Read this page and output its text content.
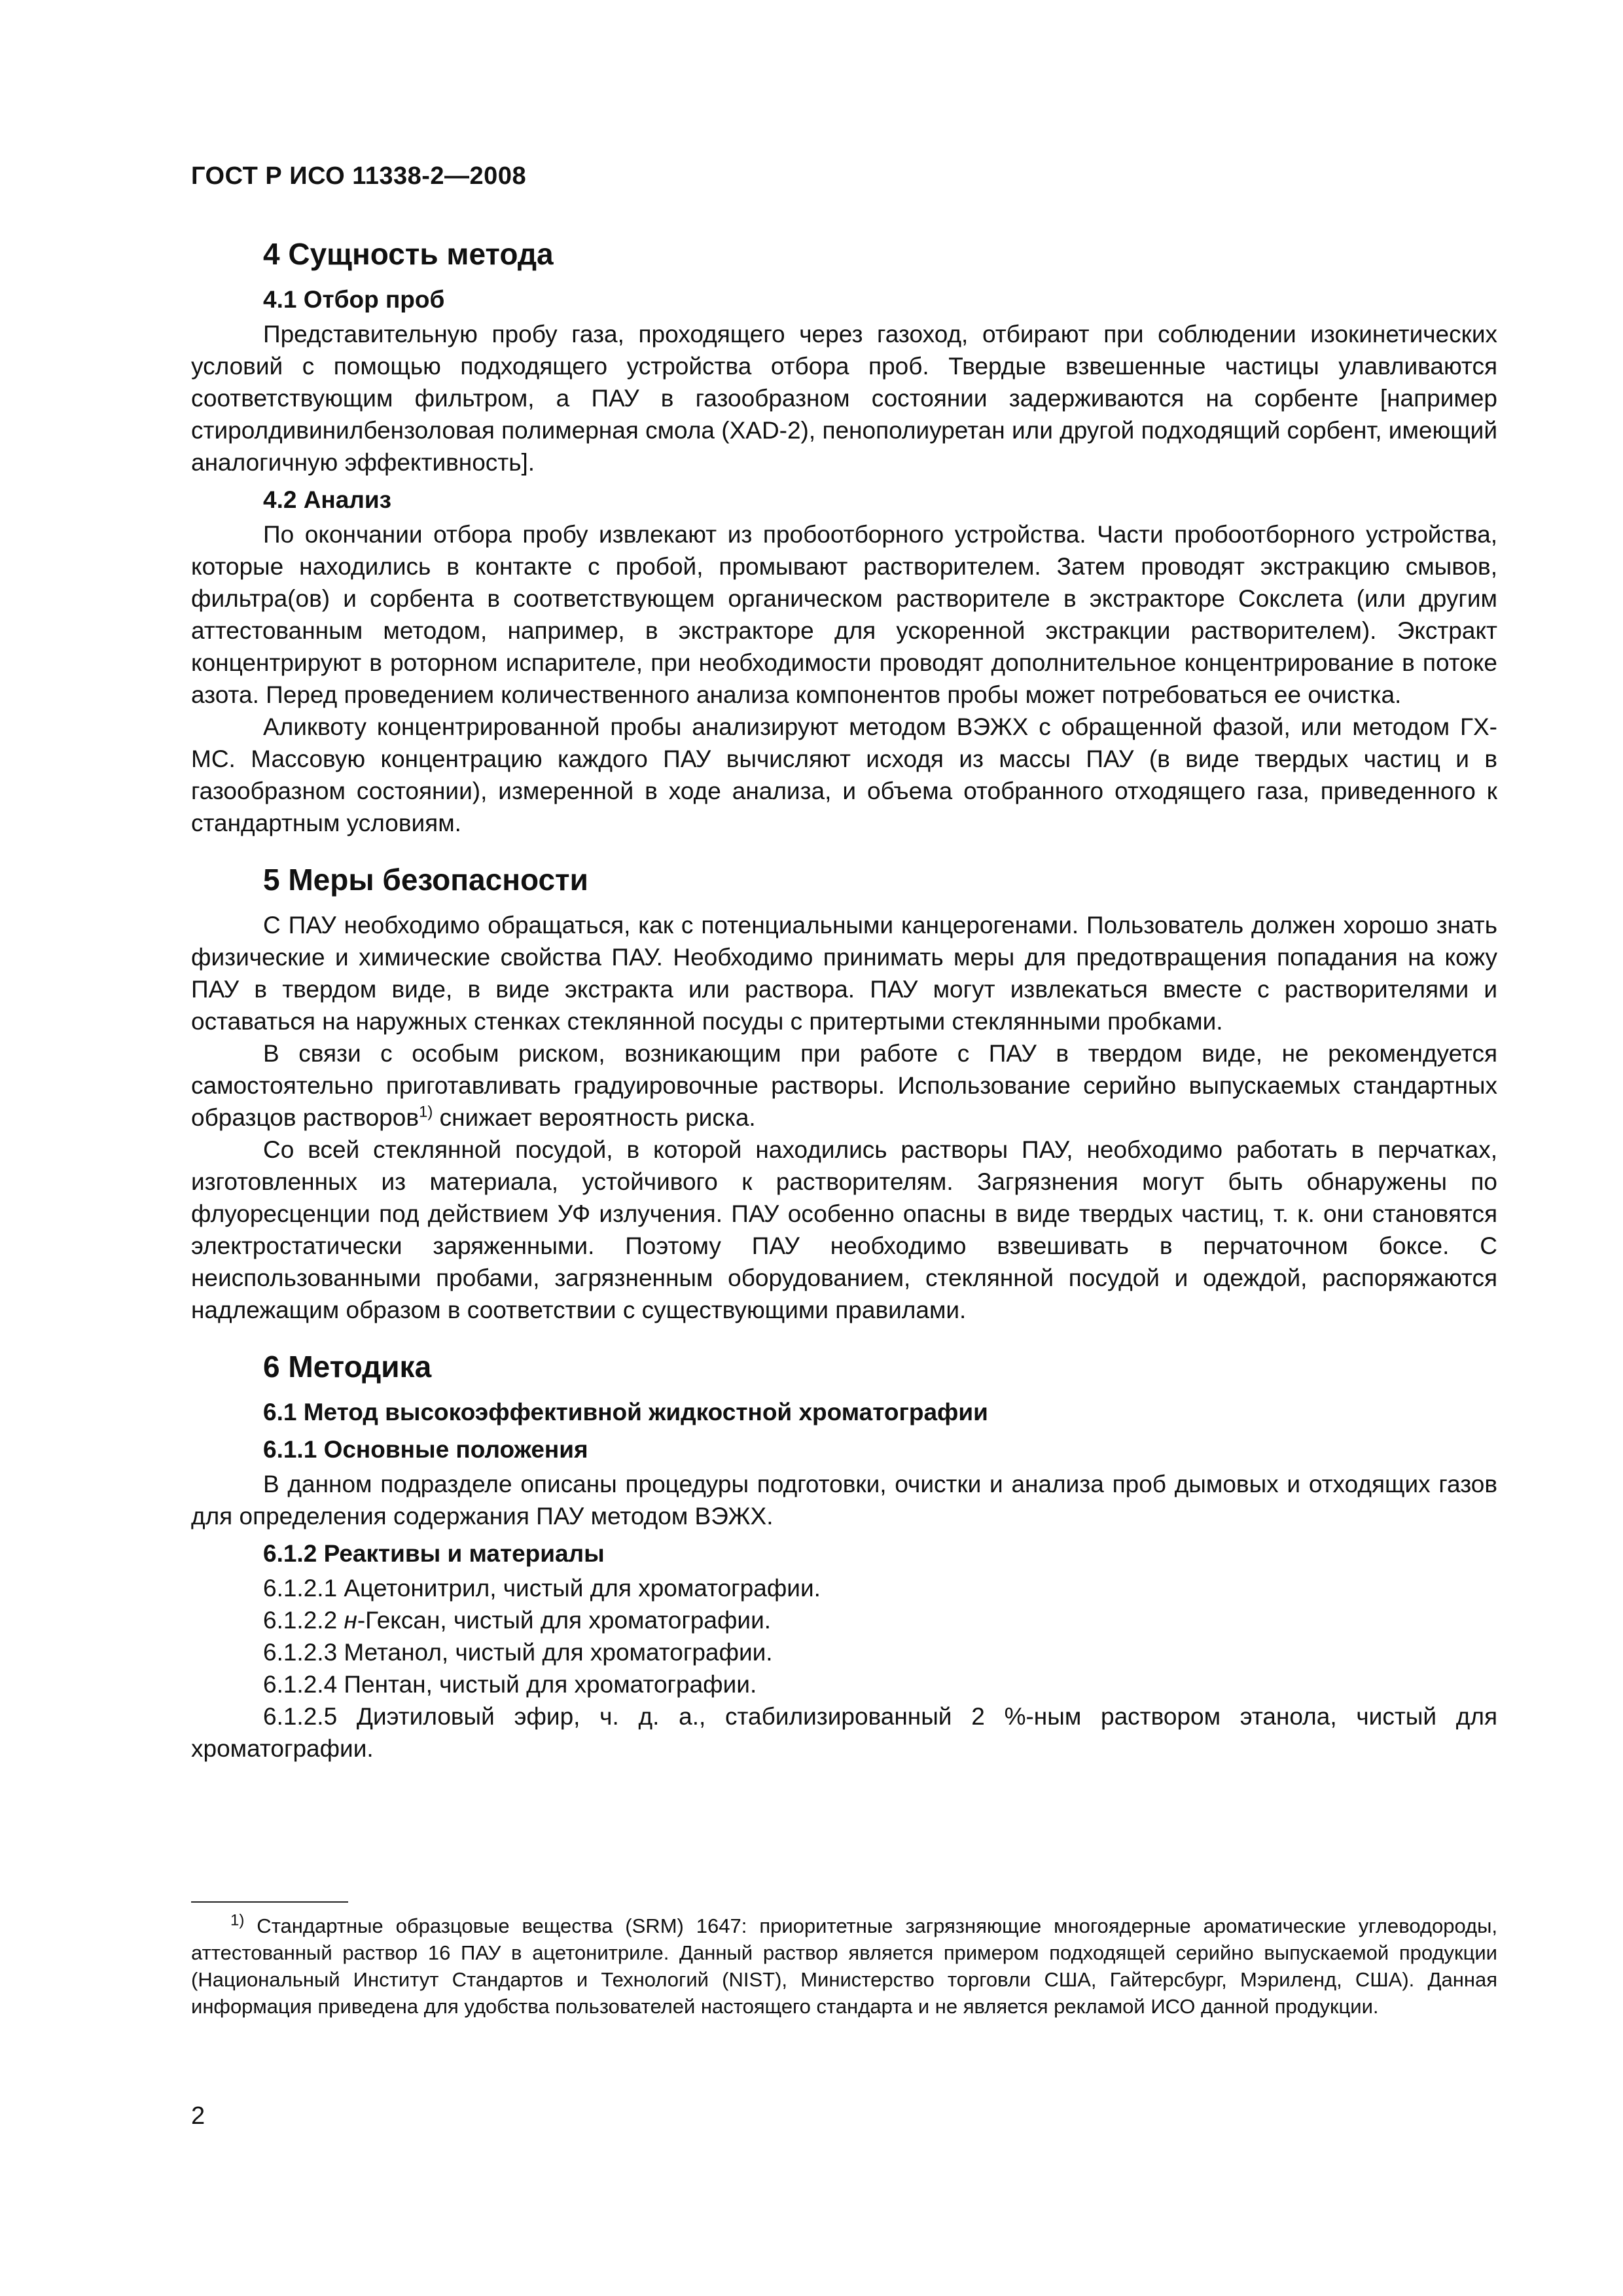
ГОСТ Р ИСО 11338-2—2008
4 Сущность метода
4.1 Отбор проб

Представительную пробу газа, проходящего через газоход, отбирают при соблюдении изокинетических условий с помощью подходящего устройства отбора проб. Твердые взвешенные частицы улавливаются соответствующим фильтром, а ПАУ в газообразном состоянии задерживаются на сорбенте [например стиролдивинилбензоловая полимерная смола (XAD-2), пенополиуретан или другой подходящий сорбент, имеющий аналогичную эффективность].

4.2 Анализ

По окончании отбора пробу извлекают из пробоотборного устройства. Части пробоотборного устройства, которые находились в контакте с пробой, промывают растворителем. Затем проводят экстракцию смывов, фильтра(ов) и сорбента в соответствующем органическом растворителе в экстракторе Сокслета (или другим аттестованным методом, например, в экстракторе для ускоренной экстракции растворителем). Экстракт концентрируют в роторном испарителе, при необходимости проводят дополнительное концентрирование в потоке азота. Перед проведением количественного анализа компонентов пробы может потребоваться ее очистка.

Аликвоту концентрированной пробы анализируют методом ВЭЖХ с обращенной фазой, или методом ГХ-МС. Массовую концентрацию каждого ПАУ вычисляют исходя из массы ПАУ (в виде твердых частиц и в газообразном состоянии), измеренной в ходе анализа, и объема отобранного отходящего газа, приведенного к стандартным условиям.

5 Меры безопасности

С ПАУ необходимо обращаться, как с потенциальными канцерогенами. Пользователь должен хорошо знать физические и химические свойства ПАУ. Необходимо принимать меры для предотвращения попадания на кожу ПАУ в твердом виде, в виде экстракта или раствора. ПАУ могут извлекаться вместе с растворителями и оставаться на наружных стенках стеклянной посуды с притертыми стеклянными пробками.

В связи с особым риском, возникающим при работе с ПАУ в твердом виде, не рекомендуется самостоятельно приготавливать градуировочные растворы. Использование серийно выпускаемых стандартных образцов растворов$^{1)}$ снижает вероятность риска.

Со всей стеклянной посудой, в которой находились растворы ПАУ, необходимо работать в перчатках, изготовленных из материала, устойчивого к растворителям. Загрязнения могут быть обнаружены по флуоресценции под действием УФ излучения. ПАУ особенно опасны в виде твердых частиц, т. к. они становятся электростатически заряженными. Поэтому ПАУ необходимо взвешивать в перчаточном боксе. С неиспользованными пробами, загрязненным оборудованием, стеклянной посудой и одеждой, распоряжаются надлежащим образом в соответствии с существующими правилами.

6 Методика
6.1 Метод высокоэффективной жидкостной хроматографии
6.1.1 Основные положения

В данном подразделе описаны процедуры подготовки, очистки и анализа проб дымовых и отходящих газов для определения содержания ПАУ методом ВЭЖХ.

6.1.2 Реактивы и материалы
6.1.2.1 Ацетонитрил, чистый для хроматографии.
6.1.2.2 н-Гексан, чистый для хроматографии.
6.1.2.3 Метанол, чистый для хроматографии.
6.1.2.4 Пентан, чистый для хроматографии.

6.1.2.5 Диэтиловый эфир, ч. д. а., стабилизированный 2 %-ным раствором этанола, чистый для хроматографии.

$^{1)}$ Стандартные образцовые вещества (SRM) 1647: приоритетные загрязняющие многоядерные ароматические углеводороды, аттестованный раствор 16 ПАУ в ацетонитриле. Данный раствор является примером подходящей серийно выпускаемой продукции (Национальный Институт Стандартов и Технологий (NIST), Министерство торговли США, Гайтерсбург, Мэриленд, США). Данная информация приведена для удобства пользователей настоящего стандарта и не является рекламой ИСО данной продукции.
2
